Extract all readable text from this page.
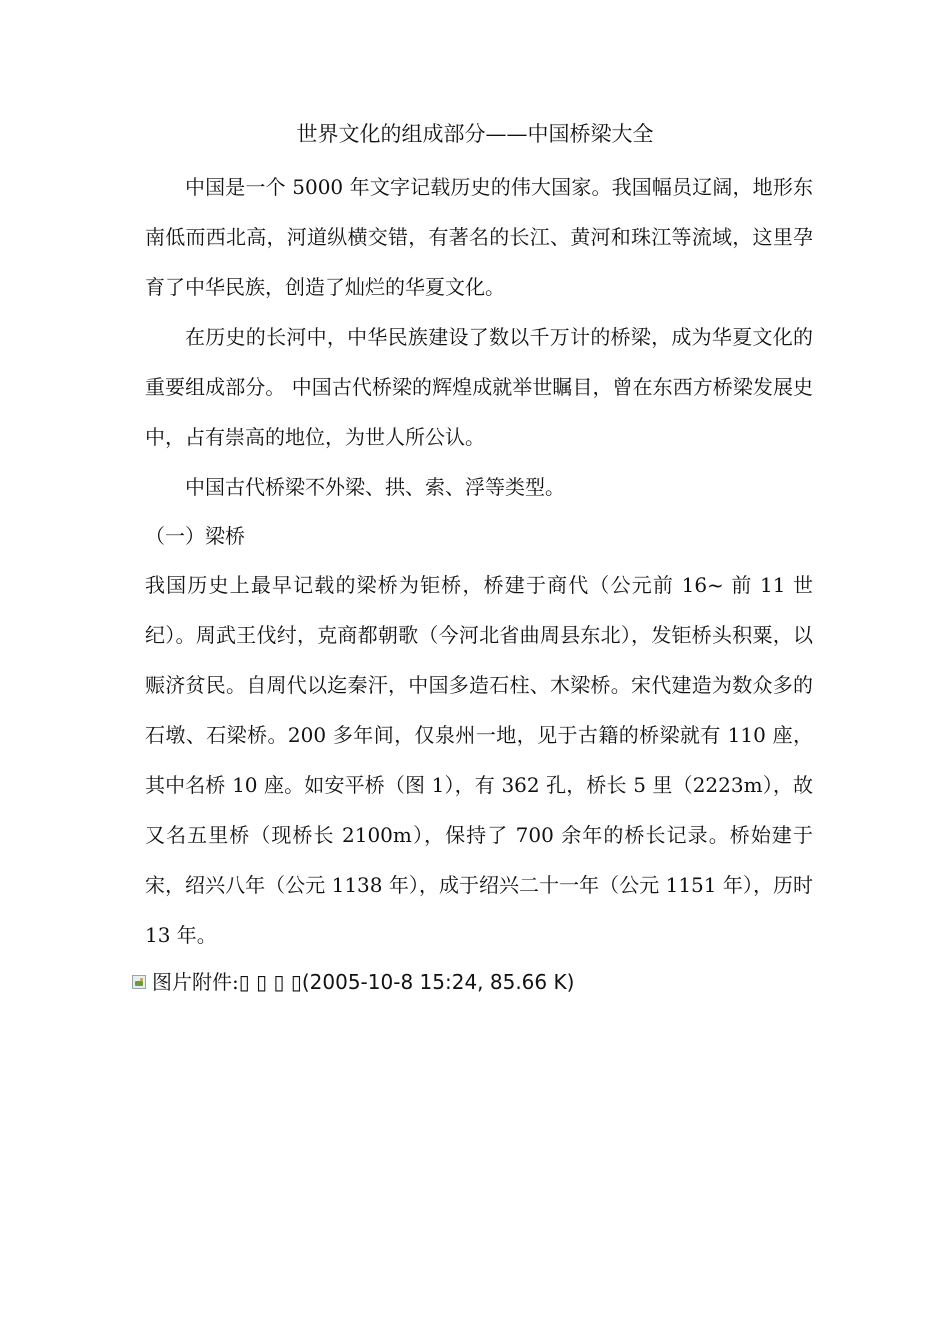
世界文化的组成部分——中国桥梁大全

中国是一个 5000 年文字记载历史的伟大国家。我国幅员辽阔，地形东南低而西北高，河道纵横交错，有著名的长江、黄河和珠江等流域，这里孕育了中华民族，创造了灿烂的华夏文化。

在历史的长河中，中华民族建设了数以千万计的桥梁，成为华夏文化的重要组成部分。 中国古代桥梁的辉煌成就举世瞩目，曾在东西方桥梁发展史中，占有崇高的地位，为世人所公认。

中国古代桥梁不外梁、拱、索、浮等类型。

（一）梁桥

我国历史上最早记载的梁桥为钜桥，桥建于商代（公元前 16~ 前 11 世纪）。周武王伐纣，克商都朝歌（今河北省曲周县东北），发钜桥头积粟，以赈济贫民。自周代以迄秦汗，中国多造石柱、木梁桥。宋代建造为数众多的石墩、石梁桥。200 多年间，仅泉州一地，见于古籍的桥梁就有 110 座，其中名桥 10 座。如安平桥（图 1），有 362 孔，桥长 5 里（2223m），故又名五里桥（现桥长 2100m），保持了 700 余年的桥长记录。桥始建于宋，绍兴八年（公元 1138 年），成于绍兴二十一年（公元 1151 年），历时 13 年。

图片附件: ▯ ▯ ▯ ▯ (2005-10-8 15:24, 85.66 K)
